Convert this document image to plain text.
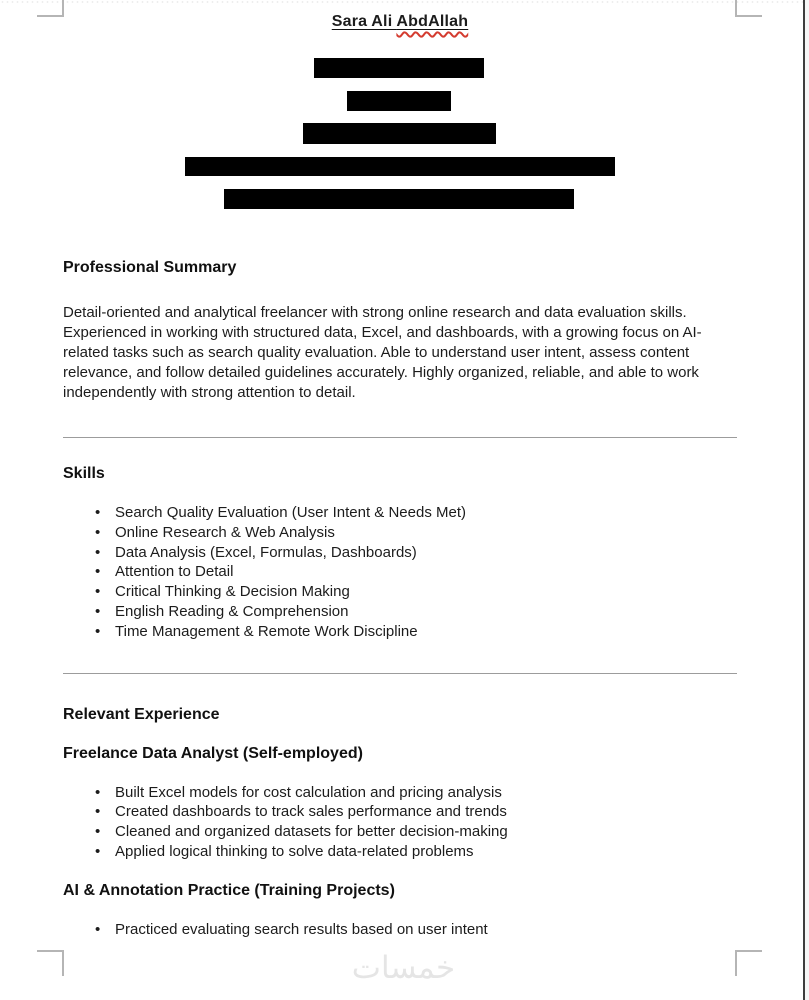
Sara Ali AbdAllah
Professional Summary

Detail-oriented and analytical freelancer with strong online research and data evaluation skills. Experienced in working with structured data, Excel, and dashboards, with a growing focus on AI-related tasks such as search quality evaluation. Able to understand user intent, assess content relevance, and follow detailed guidelines accurately. Highly organized, reliable, and able to work independently with strong attention to detail.

Skills
• Search Quality Evaluation (User Intent & Needs Met)
• Online Research & Web Analysis
• Data Analysis (Excel, Formulas, Dashboards)
• Attention to Detail
• Critical Thinking & Decision Making
• English Reading & Comprehension
• Time Management & Remote Work Discipline
Relevant Experience
Freelance Data Analyst (Self-employed)
• Built Excel models for cost calculation and pricing analysis
• Created dashboards to track sales performance and trends
• Cleaned and organized datasets for better decision-making
• Applied logical thinking to solve data-related problems
AI & Annotation Practice (Training Projects)
• Practiced evaluating search results based on user intent
خمسات
